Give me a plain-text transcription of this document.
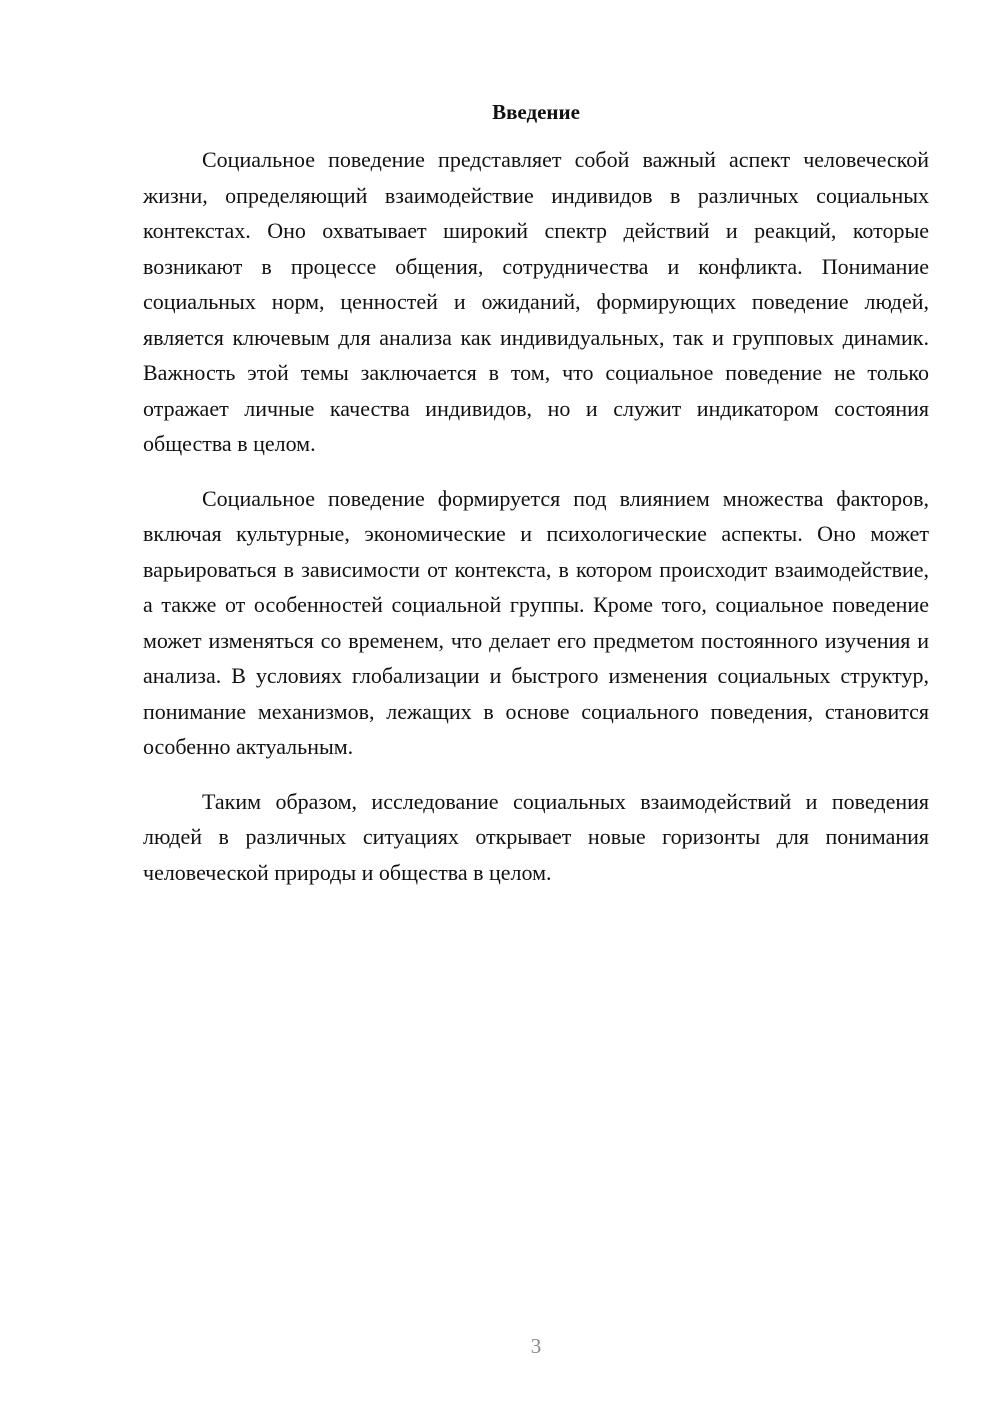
Введение

Социальное поведение представляет собой важный аспект человеческой жизни, определяющий взаимодействие индивидов в различных социальных контекстах. Оно охватывает широкий спектр действий и реакций, которые возникают в процессе общения, сотрудничества и конфликта. Понимание социальных норм, ценностей и ожиданий, формирующих поведение людей, является ключевым для анализа как индивидуальных, так и групповых динамик. Важность этой темы заключается в том, что социальное поведение не только отражает личные качества индивидов, но и служит индикатором состояния общества в целом.

Социальное поведение формируется под влиянием множества факторов, включая культурные, экономические и психологические аспекты. Оно может варьироваться в зависимости от контекста, в котором происходит взаимодействие, а также от особенностей социальной группы. Кроме того, социальное поведение может изменяться со временем, что делает его предметом постоянного изучения и анализа. В условиях глобализации и быстрого изменения социальных структур, понимание механизмов, лежащих в основе социального поведения, становится особенно актуальным.

Таким образом, исследование социальных взаимодействий и поведения людей в различных ситуациях открывает новые горизонты для понимания человеческой природы и общества в целом.

3
